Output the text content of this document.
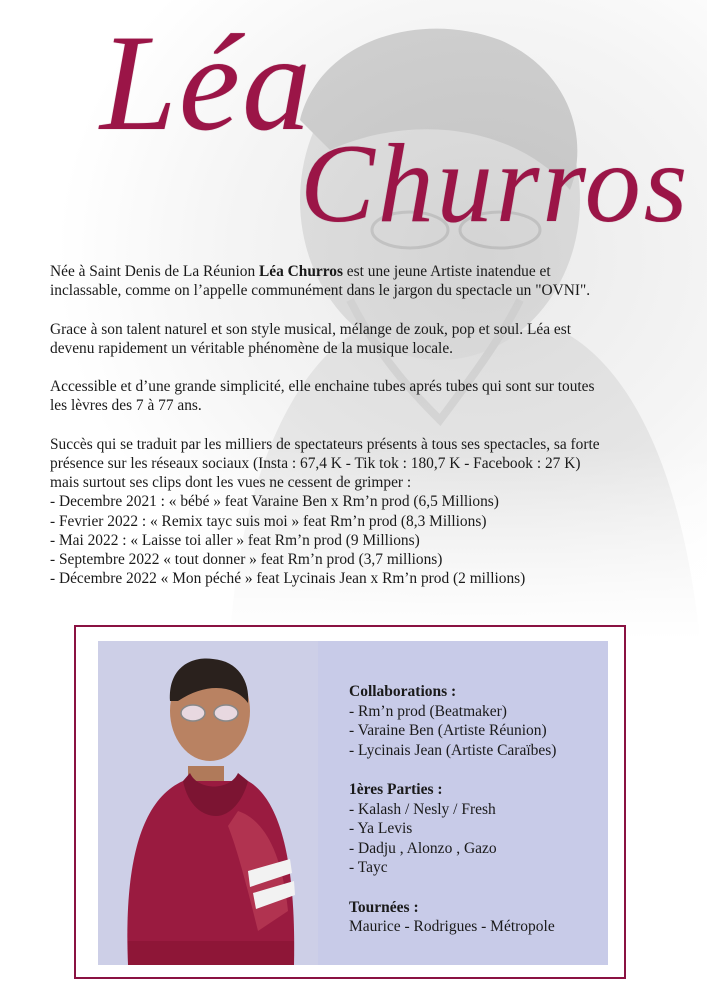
Léa
Churros

Née à Saint Denis de La Réunion Léa Churros est une jeune Artiste inatendue et
inclassable, comme on l’appelle communément dans le jargon du spectacle un "OVNI".

Grace à son talent naturel et son style musical, mélange de zouk, pop et soul. Léa est
devenu rapidement un véritable phénomène de la musique locale.

Accessible et d’une grande simplicité, elle enchaine tubes aprés tubes qui sont sur toutes
les lèvres des 7 à 77 ans.

Succès qui se traduit par les milliers de spectateurs présents à tous ses spectacles, sa forte
présence sur les réseaux sociaux (Insta : 67,4 K - Tik tok : 180,7 K - Facebook : 27 K)
mais surtout ses clips dont les vues ne cessent de grimper :
- Decembre 2021 : « bébé » feat Varaine Ben x Rm’n prod (6,5 Millions)
- Fevrier 2022 : « Remix tayc suis moi » feat Rm’n prod (8,3 Millions)
- Mai 2022 : « Laisse toi aller » feat Rm’n prod (9 Millions)
- Septembre 2022 « tout donner » feat Rm’n prod (3,7 millions)
- Décembre 2022 « Mon péché » feat Lycinais Jean x Rm’n prod (2 millions)

Collaborations :
- Rm’n prod (Beatmaker)
- Varaine Ben (Artiste Réunion)
- Lycinais Jean (Artiste Caraïbes)
1ères Parties :
- Kalash / Nesly / Fresh
- Ya Levis
- Dadju , Alonzo , Gazo
- Tayc
Tournées :
Maurice - Rodrigues - Métropole
